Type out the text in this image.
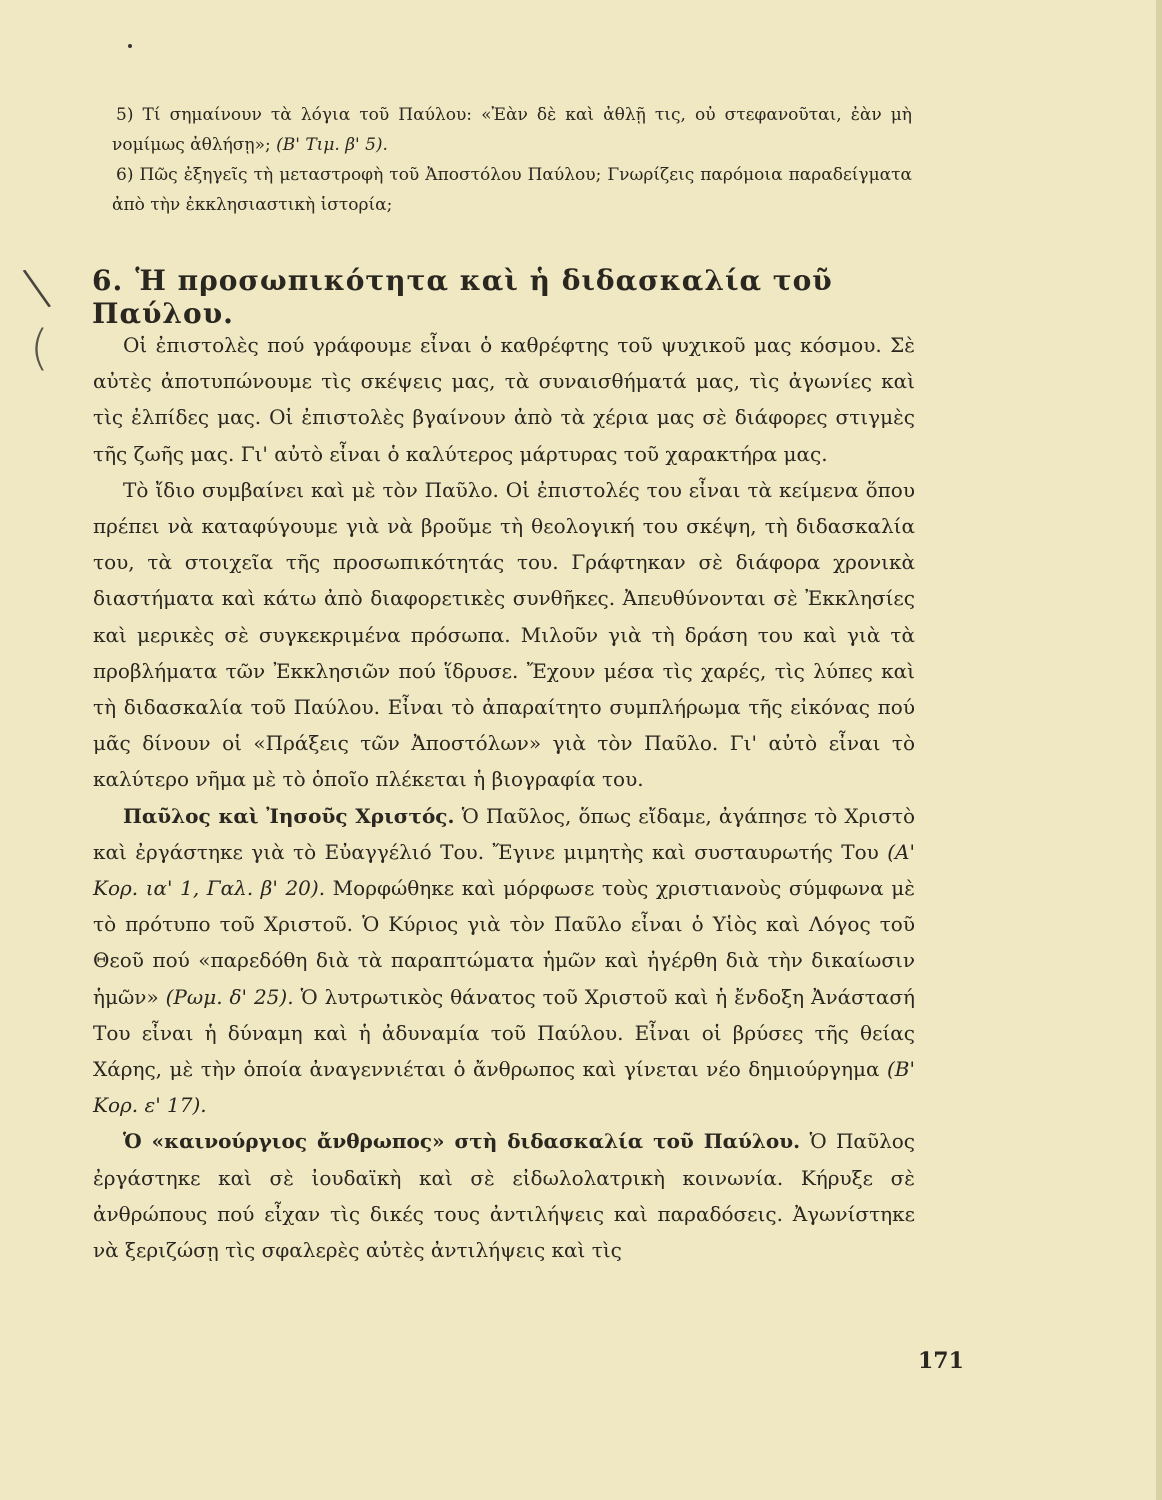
5) Τί σημαίνουν τὰ λόγια τοῦ Παύλου: «Ἐὰν δὲ καὶ ἀθλῇ τις, οὐ στεφανοῦται, ἐὰν μὴ νομίμως ἀθλήσῃ»; (Β' Τιμ. β' 5).

6) Πῶς ἐξηγεῖς τὴ μεταστροφὴ τοῦ Ἀποστόλου Παύλου; Γνωρίζεις παρόμοια παραδείγματα ἀπὸ τὴν ἐκκλησιαστικὴ ἱστορία;

\
(
6. Ἡ προσωπικότητα καὶ ἡ διδασκαλία τοῦ Παύλου.

Οἱ ἐπιστολὲς πού γράφουμε εἶναι ὁ καθρέφτης τοῦ ψυχικοῦ μας κόσμου. Σὲ αὐτὲς ἀποτυπώνουμε τὶς σκέψεις μας, τὰ συναισθήματά μας, τὶς ἀγωνίες καὶ τὶς ἐλπίδες μας. Οἱ ἐπιστολὲς βγαίνουν ἀπὸ τὰ χέρια μας σὲ διάφορες στιγμὲς τῆς ζωῆς μας. Γι' αὐτὸ εἶναι ὁ καλύτερος μάρτυρας τοῦ χαρακτήρα μας.

Τὸ ἴδιο συμβαίνει καὶ μὲ τὸν Παῦλο. Οἱ ἐπιστολές του εἶναι τὰ κείμενα ὅπου πρέπει νὰ καταφύγουμε γιὰ νὰ βροῦμε τὴ θεολογική του σκέψη, τὴ διδασκαλία του, τὰ στοιχεῖα τῆς προσωπικότητάς του. Γράφτηκαν σὲ διάφορα χρονικὰ διαστήματα καὶ κάτω ἀπὸ διαφορετικὲς συνθῆκες. Ἀπευθύνονται σὲ Ἐκκλησίες καὶ μερικὲς σὲ συγκεκριμένα πρόσωπα. Μιλοῦν γιὰ τὴ δράση του καὶ γιὰ τὰ προβλήματα τῶν Ἐκκλησιῶν πού ἵδρυσε. Ἔχουν μέσα τὶς χαρές, τὶς λύπες καὶ τὴ διδασκαλία τοῦ Παύλου. Εἶναι τὸ ἀπαραίτητο συμπλήρωμα τῆς εἰκόνας πού μᾶς δίνουν οἱ «Πράξεις τῶν Ἀποστόλων» γιὰ τὸν Παῦλο. Γι' αὐτὸ εἶναι τὸ καλύτερο νῆμα μὲ τὸ ὁποῖο πλέκεται ἡ βιογραφία του.

Παῦλος καὶ Ἰησοῦς Χριστός. Ὁ Παῦλος, ὅπως εἴδαμε, ἀγάπησε τὸ Χριστὸ καὶ ἐργάστηκε γιὰ τὸ Εὐαγγέλιό Του. Ἔγινε μιμητὴς καὶ συσταυρωτής Του (Α' Κορ. ια' 1, Γαλ. β' 20). Μορφώθηκε καὶ μόρφωσε τοὺς χριστιανοὺς σύμφωνα μὲ τὸ πρότυπο τοῦ Χριστοῦ. Ὁ Κύριος γιὰ τὸν Παῦλο εἶναι ὁ Υἱὸς καὶ Λόγος τοῦ Θεοῦ πού «παρεδόθη διὰ τὰ παραπτώματα ἡμῶν καὶ ἠγέρθη διὰ τὴν δικαίωσιν ἡμῶν» (Ρωμ. δ' 25). Ὁ λυτρωτικὸς θάνατος τοῦ Χριστοῦ καὶ ἡ ἔνδοξη Ἀνάστασή Του εἶναι ἡ δύναμη καὶ ἡ ἀδυναμία τοῦ Παύλου. Εἶναι οἱ βρύσες τῆς θείας Χάρης, μὲ τὴν ὁποία ἀναγεννιέται ὁ ἄνθρωπος καὶ γίνεται νέο δημιούργημα (Β' Κορ. ε' 17).

Ὁ «καινούργιος ἄνθρωπος» στὴ διδασκαλία τοῦ Παύλου. Ὁ Παῦλος ἐργάστηκε καὶ σὲ ἰουδαϊκὴ καὶ σὲ εἰδωλολατρικὴ κοινωνία. Κήρυξε σὲ ἀνθρώπους πού εἶχαν τὶς δικές τους ἀντιλήψεις καὶ παραδόσεις. Ἀγωνίστηκε νὰ ξεριζώσῃ τὶς σφαλερὲς αὐτὲς ἀντιλήψεις καὶ τὶς

171
